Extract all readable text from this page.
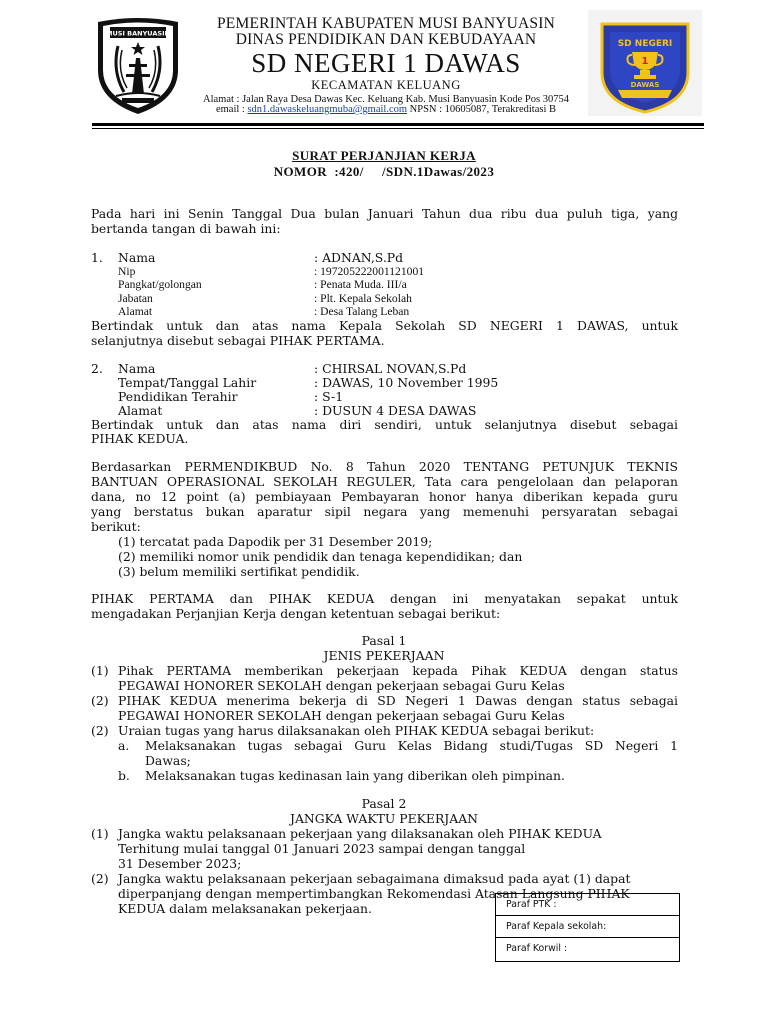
MUSI BANYUASIN
SD NEGERI
1
DAWAS
PEMERINTAH KABUPATEN MUSI BANYUASIN
DINAS PENDIDIKAN DAN KEBUDAYAAN
SD NEGERI 1 DAWAS
KECAMATAN KELUANG
Alamat : Jalan Raya Desa Dawas Kec. Keluang Kab. Musi Banyuasin Kode Pos 30754
email : sdn1.dawaskeluangmuba@gmail.com NPSN : 10605087, Terakreditasi B
SURAT PERJANJIAN KERJA
NOMOR  :420/     /SDN.1Dawas/2023
Pada hari ini Senin Tanggal Dua bulan Januari Tahun dua ribu dua puluh tiga, yang
bertanda tangan di bawah ini:
1. Nama	: ADNAN,S.Pd
Nip	: 197205222001121001
Pangkat/golongan	: Penata Muda. III/a
Jabatan	: Plt. Kepala Sekolah
Alamat	: Desa Talang Leban
Bertindak untuk dan atas nama Kepala Sekolah SD NEGERI 1 DAWAS, untuk
selanjutnya disebut sebagai PIHAK PERTAMA.
2. Nama	: CHIRSAL NOVAN,S.Pd
Tempat/Tanggal Lahir	: DAWAS, 10 November 1995
Pendidikan Terahir	: S-1
Alamat	: DUSUN 4 DESA DAWAS
Bertindak untuk dan atas nama diri sendiri, untuk selanjutnya disebut sebagai
PIHAK KEDUA.
Berdasarkan PERMENDIKBUD No. 8 Tahun 2020 TENTANG PETUNJUK TEKNIS
BANTUAN OPERASIONAL SEKOLAH REGULER, Tata cara pengelolaan dan pelaporan
dana, no 12 point (a) pembiayaan Pembayaran honor hanya diberikan kepada guru
yang berstatus bukan aparatur sipil negara yang memenuhi persyaratan sebagai
berikut:
(1) tercatat pada Dapodik per 31 Desember 2019;
(2) memiliki nomor unik pendidik dan tenaga kependidikan; dan
(3) belum memiliki sertifikat pendidik.
PIHAK PERTAMA dan PIHAK KEDUA dengan ini menyatakan sepakat untuk
mengadakan Perjanjian Kerja dengan ketentuan sebagai berikut:
Pasal 1
JENIS PEKERJAAN
(1) Pihak PERTAMA memberikan pekerjaan kepada Pihak KEDUA dengan status
PEGAWAI HONORER SEKOLAH dengan pekerjaan sebagai Guru Kelas
(2) PIHAK KEDUA menerima bekerja di SD Negeri 1 Dawas dengan status sebagai
PEGAWAI HONORER SEKOLAH dengan pekerjaan sebagai Guru Kelas
(2) Uraian tugas yang harus dilaksanakan oleh PIHAK KEDUA sebagai berikut:
a. Melaksanakan tugas sebagai Guru Kelas Bidang studi/Tugas SD Negeri 1
Dawas;
b. Melaksanakan tugas kedinasan lain yang diberikan oleh pimpinan.
Pasal 2
JANGKA WAKTU PEKERJAAN
(1) Jangka waktu pelaksanaan pekerjaan yang dilaksanakan oleh PIHAK KEDUA
Terhitung mulai tanggal 01 Januari 2023 sampai dengan tanggal
31 Desember 2023;
(2) Jangka waktu pelaksanaan pekerjaan sebagaimana dimaksud pada ayat (1) dapat
diperpanjang dengan mempertimbangkan Rekomendasi Atasan Langsung PIHAK
KEDUA dalam melaksanakan pekerjaan.	Paraf PTK :
Paraf Kepala sekolah:
Paraf Korwil :
